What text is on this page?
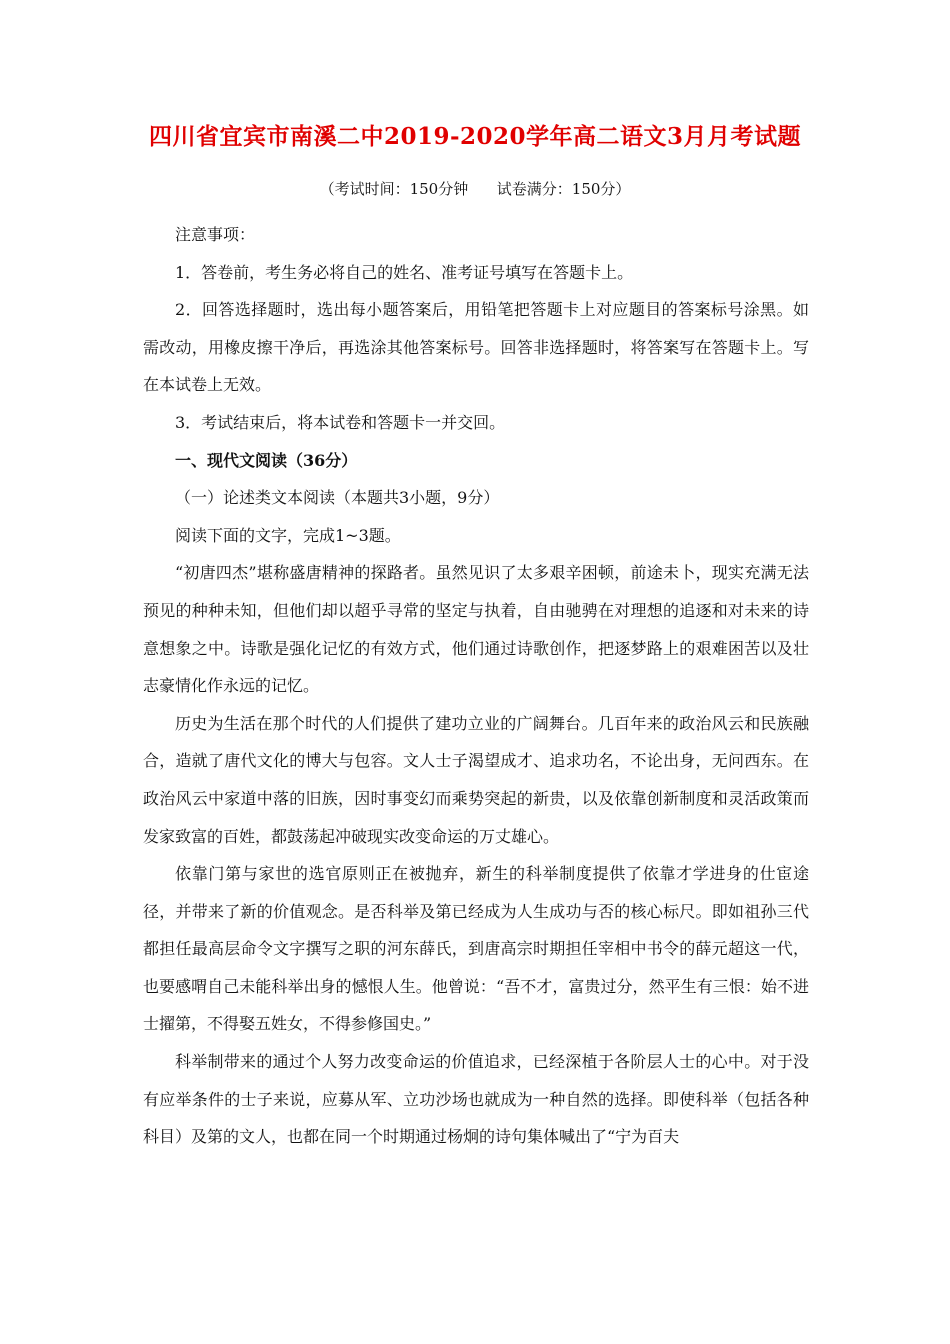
四川省宜宾市南溪二中2019-2020学年高二语文3月月考试题
（考试时间：150分钟      试卷满分：150分）

注意事项：

1．答卷前，考生务必将自己的姓名、准考证号填写在答题卡上。

2．回答选择题时，选出每小题答案后，用铅笔把答题卡上对应题目的答案标号涂黑。如需改动，用橡皮擦干净后，再选涂其他答案标号。回答非选择题时，将答案写在答题卡上。写在本试卷上无效。

3．考试结束后，将本试卷和答题卡一并交回。

一、现代文阅读（36分）

（一）论述类文本阅读（本题共3小题，9分）

阅读下面的文字，完成1~3题。

“初唐四杰”堪称盛唐精神的探路者。虽然见识了太多艰辛困顿，前途未卜，现实充满无法预见的种种未知，但他们却以超乎寻常的坚定与执着，自由驰骋在对理想的追逐和对未来的诗意想象之中。诗歌是强化记忆的有效方式，他们通过诗歌创作，把逐梦路上的艰难困苦以及壮志豪情化作永远的记忆。

历史为生活在那个时代的人们提供了建功立业的广阔舞台。几百年来的政治风云和民族融合，造就了唐代文化的博大与包容。文人士子渴望成才、追求功名，不论出身，无问西东。在政治风云中家道中落的旧族，因时事变幻而乘势突起的新贵，以及依靠创新制度和灵活政策而发家致富的百姓，都鼓荡起冲破现实改变命运的万丈雄心。

依靠门第与家世的选官原则正在被抛弃，新生的科举制度提供了依靠才学进身的仕宦途径，并带来了新的价值观念。是否科举及第已经成为人生成功与否的核心标尺。即如祖孙三代都担任最高层命令文字撰写之职的河东薛氏，到唐高宗时期担任宰相中书令的薛元超这一代，也要感喟自己未能科举出身的憾恨人生。他曾说：“吾不才，富贵过分，然平生有三恨：始不进士擢第，不得娶五姓女，不得参修国史。”

科举制带来的通过个人努力改变命运的价值追求，已经深植于各阶层人士的心中。对于没有应举条件的士子来说，应募从军、立功沙场也就成为一种自然的选择。即使科举（包括各种科目）及第的文人，也都在同一个时期通过杨炯的诗句集体喊出了“宁为百夫
